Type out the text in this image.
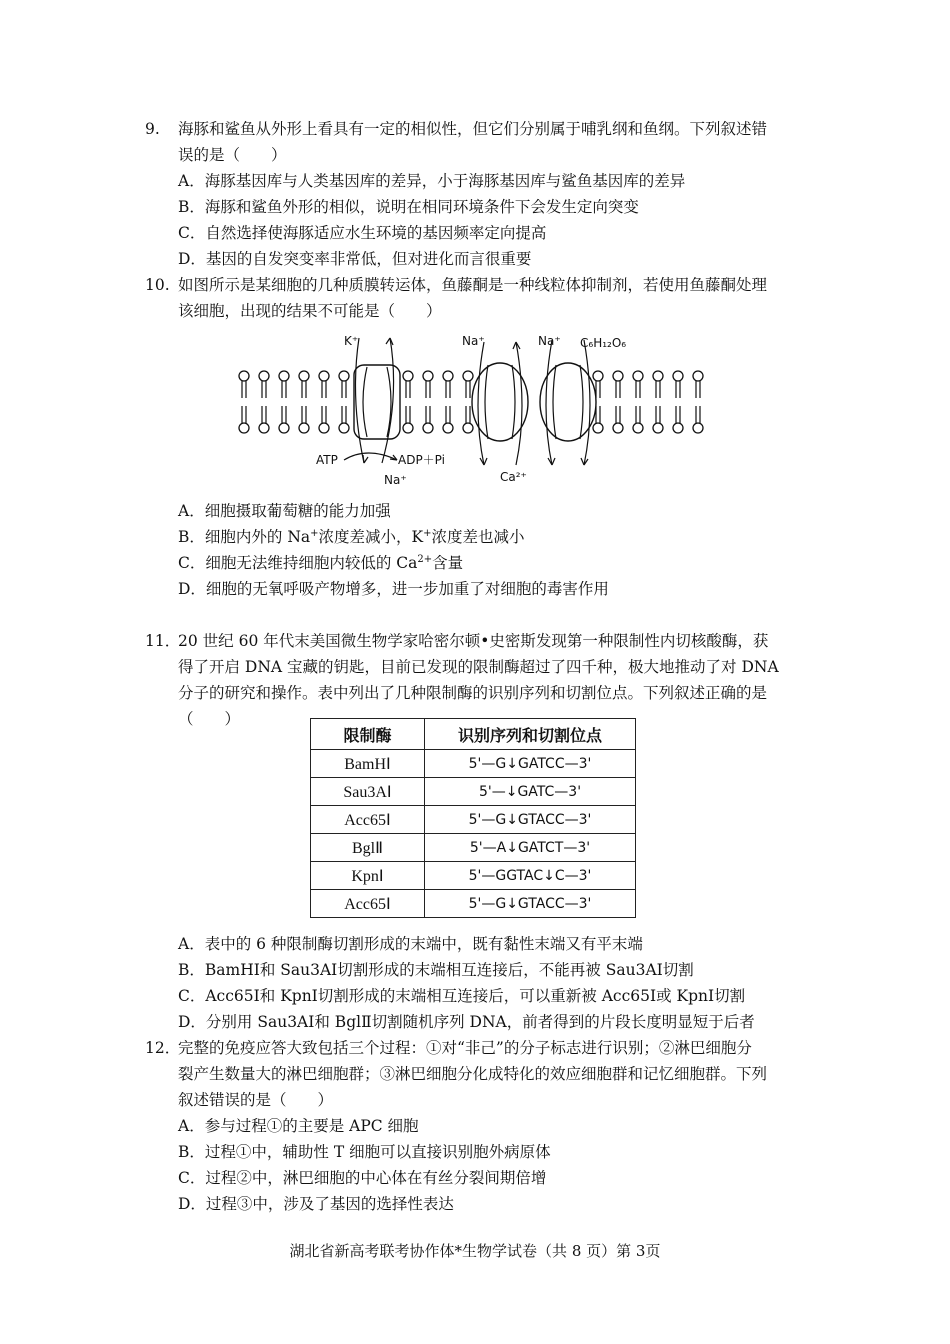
9. 海豚和鲨鱼从外形上看具有一定的相似性，但它们分别属于哺乳纲和鱼纲。下列叙述错
误的是（　　）
A．海豚基因库与人类基因库的差异，小于海豚基因库与鲨鱼基因库的差异
B．海豚和鲨鱼外形的相似，说明在相同环境条件下会发生定向突变
C．自然选择使海豚适应水生环境的基因频率定向提高
D．基因的自发突变率非常低，但对进化而言很重要
10. 如图所示是某细胞的几种质膜转运体，鱼藤酮是一种线粒体抑制剂，若使用鱼藤酮处理
该细胞，出现的结果不可能是（　　）
K⁺	Na⁺	Na⁺ C₆H₁₂O₆
ATP	ADP＋Pi
Na⁺	Ca²⁺
A．细胞摄取葡萄糖的能力加强
B．细胞内外的 Na+浓度差减小，K+浓度差也减小
C．细胞无法维持细胞内较低的 $Ca^{2+}$含量
D．细胞的无氧呼吸产物增多，进一步加重了对细胞的毒害作用
11．
20 世纪 60 年代末美国微生物学家哈密尔顿•史密斯发现第一种限制性内切核酸酶，获
得了开启 DNA 宝藏的钥匙，目前已发现的限制酶超过了四千种，极大地推动了对 DNA
分子的研究和操作。表中列出了几种限制酶的识别序列和切割位点。下列叙述正确的是
（　　）
限制酶	识别序列和切割位点
BamHⅠ	5'—G↓GATCC—3'
Sau3AⅠ	5'—↓GATC—3'
Acc65Ⅰ	5'—G↓GTACC—3'
BglⅡ	5'—A↓GATCT—3'
KpnⅠ	5'—GGTAC↓C—3'
Acc65Ⅰ	5'—G↓GTACC—3'
A．表中的 6 种限制酶切割形成的末端中，既有黏性末端又有平末端
B．BamHⅠ和 Sau3AⅠ切割形成的末端相互连接后，不能再被 Sau3AⅠ切割
C．Acc65Ⅰ和 KpnⅠ切割形成的末端相互连接后，可以重新被 Acc65Ⅰ或 KpnⅠ切割
D．分别用 Sau3AⅠ和 BglⅡ切割随机序列 DNA，前者得到的片段长度明显短于后者
12．
完整的免疫应答大致包括三个过程：①对“非己”的分子标志进行识别；②淋巴细胞分
裂产生数量大的淋巴细胞群；③淋巴细胞分化成特化的效应细胞群和记忆细胞群。下列
叙述错误的是（　　）
A．参与过程①的主要是 APC 细胞
B．过程①中，辅助性 T 细胞可以直接识别胞外病原体
C．过程②中，淋巴细胞的中心体在有丝分裂间期倍增
D．过程③中，涉及了基因的选择性表达
湖北省新高考联考协作体*生物学试卷（共 8 页）第 3页
